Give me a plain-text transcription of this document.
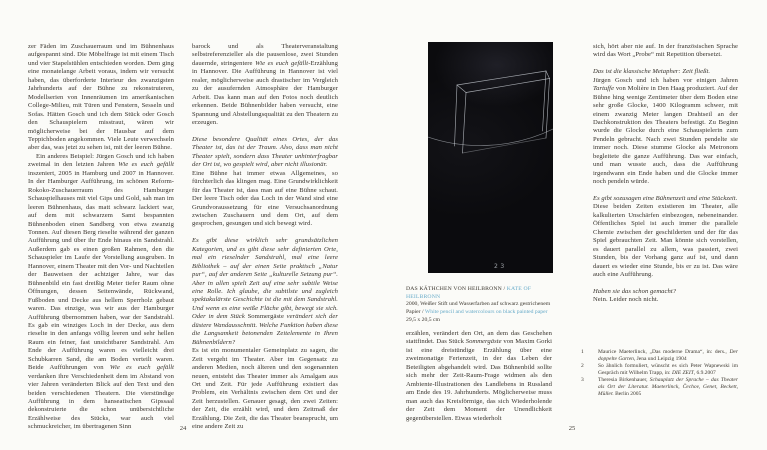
zer Fäden im Zuschauerraum und im Bühnenhaus aufgespannt sind. Die Möbelfrage ist mit einem Tisch und vier Stapelstühlen entschieden worden. Dem ging eine monatelange Arbeit voraus, indem wir versucht haben, das überforderte Interieur des zwanzigsten Jahrhunderts auf der Bühne zu rekonstruieren, Modellserien von Innenräumen im amerikanischen College-Milieu, mit Türen und Fenstern, Sesseln und Sofas. Hätten Gosch und ich dem Stück oder Gosch den Schauspielern misstraut, wären wir möglicherweise bei der Hausbar auf dem Teppichboden angekommen. Viele Leute verwechseln aber das, was jetzt zu sehen ist, mit der leeren Bühne.

Ein anderes Beispiel: Jürgen Gosch und ich haben zweimal in den letzten Jahren Wie es euch gefällt inszeniert, 2005 in Hamburg und 2007 in Hannover. In der Hamburger Aufführung, im schönen Reform-Rokoko-Zuschauerraum des Hamburger Schauspielhauses mit viel Gips und Gold, sah man im leeren Bühnenhaus, das matt schwarz lackiert war, auf dem mit schwarzem Samt bespannten Bühnenboden einen Sandberg von etwa zwanzig Tonnen. Auf diesen Berg rieselte während der ganzen Aufführung und über ihr Ende hinaus ein Sandstrahl. Außerdem gab es einen großen Rahmen, den die Schauspieler im Laufe der Vorstellung ausgruben. In Hannover, einem Theater mit den Vor- und Nachteilen der Bauweisen der achtziger Jahre, war das Bühnenbild ein fast dreißig Meter tiefer Raum ohne Öffnungen, dessen Seitenwände, Rückwand, Fußboden und Decke aus hellem Sperrholz gebaut waren. Das einzige, was wir aus der Hamburger Aufführung übernommen haben, war der Sandstrahl. Es gab ein winziges Loch in der Decke, aus dem rieselte in den anfangs völlig leeren und sehr hellen Raum ein feiner, fast unsichtbarer Sandstrahl. Am Ende der Aufführung waren es vielleicht drei Schubkarren Sand, die am Boden verteilt waren. Beide Aufführungen von Wie es euch gefällt verdanken ihre Verschiedenheit dem im Abstand von vier Jahren veränderten Blick auf den Text und den beiden verschiedenen Theatern. Die vierstündige Aufführung in dem hanseatischen Gipssaal dekonstruierte die schon unübersichtliche Erzählweise des Stücks, war auch viel schmuckreicher, im übertragenen Sinn

barock und als Theaterveranstaltung selbstreferenzieller als die pausenlose, zwei Stunden dauernde, stringentere Wie es euch gefällt-Erzählung in Hannover. Die Aufführung in Hannover ist viel realer, möglicherweise auch drastischer im Vergleich zu der ausufernden Atmosphäre der Hamburger Arbeit. Das kann man auf den Fotos noch deutlich erkennen. Beide Bühnenbilder haben versucht, eine Spannung und Abstellungsqualität zu den Theatern zu erzeugen.

Diese besondere Qualität eines Ortes, der das Theater ist, das ist der Traum. Also, dass man nicht Theater spielt, sondern dass Theater unhinterfragbar der Ort ist, wo gespielt wird, aber nicht illusionär.

Eine Bühne hat immer etwas Allgemeines, so fürchterlich das klingen mag. Eine Grundwirklichkeit für das Theater ist, dass man auf eine Bühne schaut. Der leere Tisch oder das Loch in der Wand sind eine Grundvoraussetzung für eine Versuchsanordnung zwischen Zuschauern und dem Ort, auf dem gesprochen, gesungen und sich bewegt wird.

Es gibt diese wirklich sehr grundsätzlichen Kategorien, und es gibt diese sehr definierten Orte, mal ein rieselnder Sandstrahl, mal eine leere Bibliothek – auf der einen Seite praktisch „Natur pur“, auf der anderen Seite „kulturelle Setzung pur“. Aber in allen spielt Zeit auf eine sehr subtile Weise eine Rolle. Ich glaube, die subtilste und zugleich spektakulärste Geschichte ist die mit dem Sandstrahl. Und wenn es eine weiße Fläche gibt, bewegt sie sich. Oder in dem Stück Sommergäste verändert sich der düstere Wandausschnitt. Welche Funktion haben diese die Langsamkeit betonenden Zeitelemente in Ihren Bühnenbildern?

Es ist ein monumentaler Gemeinplatz zu sagen, die Zeit vergeht im Theater. Aber im Gegensatz zu anderen Medien, noch älteren und den sogenannten neuen, entsteht das Theater immer als Amalgam aus Ort und Zeit. Für jede Aufführung existiert das Problem, ein Verhältnis zwischen dem Ort und der Zeit herzustellen. Genauer gesagt, den zwei Zeiten: der Zeit, die erzählt wird, und dem Zeitmaß der Erzählung. Die Zeit, die das Theater beansprucht, um eine andere Zeit zu

24
23
DAS KÄTHCHEN VON HEILBRONN / KATE OF HEILBRONN
2000, Weißer Stift und Wasserfarben auf schwarz gestrichenem
Papier / White pencil and watercolours on black painted paper
29,5 x 20,5 cm

erzählen, verändert den Ort, an dem das Geschehen stattfindet. Das Stück Sommergäste von Maxim Gorki ist eine dreistündige Erzählung über eine zweimonatige Ferienzeit, in der das Leben der Beteiligten abgehandelt wird. Das Bühnenbild sollte sich mehr der Zeit-Raum-Frage widmen als den Ambiente-Illustrationen des Landlebens in Russland am Ende des 19. Jahrhunderts. Möglicherweise muss man auch das Kreisförmige, das sich Wiederholende der Zeit dem Moment der Unendlichkeit gegenüberstellen. Etwas wiederholt

sich, hört aber nie auf. In der französischen Sprache wird das Wort „Probe“ mit Repetition übersetzt.

Das ist die klassische Metapher: Zeit fließt.

Jürgen Gosch und ich haben vor einigen Jahren Tartuffe von Molière in Den Haag produziert. Auf der Bühne hing wenige Zentimeter über dem Boden eine sehr große Glocke, 1400 Kilogramm schwer, mit einem zwanzig Meter langen Drahtseil an der Dachkonstruktion des Theaters befestigt. Zu Beginn wurde die Glocke durch eine Schauspielerin zum Pendeln gebracht. Nach zwei Stunden pendelte sie immer noch. Diese stumme Glocke als Metronom begleitete die ganze Aufführung. Das war einfach, und man wusste auch, dass die Aufführung irgendwann ein Ende haben und die Glocke immer noch pendeln würde.

Es gibt sozusagen eine Bühnenzeit und eine Stückzeit.

Diese beiden Zeiten existieren im Theater, alle kalkulierten Unschärfen einbezogen, nebeneinander. Öffentliches Spiel ist auch immer die parallele Chemie zwischen der geschilderten und der für das Spiel gebrauchten Zeit. Man könnte sich vorstellen, es dauert parallel zu allem, was passiert, zwei Stunden, bis der Vorhang ganz auf ist, und dann dauert es wieder eine Stunde, bis er zu ist. Das wäre auch eine Aufführung.

Haben sie das schon gemacht?

Nein. Leider noch nicht.

1	Maurice Maeterlinck, „Das moderne Drama“, in: ders., Der doppelte Garten, Jena und Leipzig 1904
2	So ähnlich formuliert, wünscht es sich Peter Wapnewski im Gespräch mit Wilhelm Trapp, in: DIE ZEIT, 6.9.2007
3	Theresia Birkenhauer, Schauplatz der Sprache – das Theater als Ort der Literatur. Maeterlinck, Čechov, Genet, Beckett, Müller. Berlin 2005
25
